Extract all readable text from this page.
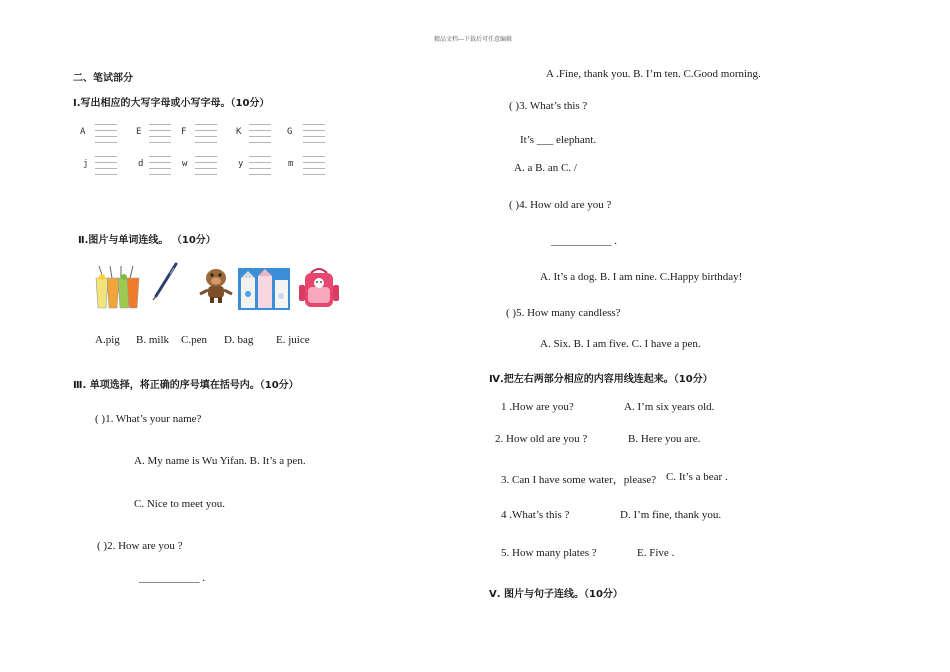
精品文档---下载后可任意编辑
二、笔试部分
Ⅰ.写出相应的大写字母或小写字母。（10分）
A	E	F	K	G
j	d	w	y	m
Ⅱ.图片与单词连线。 （10分）
A.pig B. milk C.pen D. bag E. juice
Ⅲ. 单项选择，将正确的序号填在括号内。（10分）
( )1. What’s your name?
A. My name is Wu Yifan. B. It’s a pen.
C. Nice to meet you.
( )2. How are you ?
___________ .
A .Fine, thank you. B. I’m ten. C.Good morning.
( )3. What’s this ?
It’s ___ elephant.
A. a B. an C. /
( )4. How old are you ?
___________ .
A. It’s a dog. B. I am nine. C.Happy birthday!
( )5. How many candless?
A. Six. B. I am five. C. I have a pen.
Ⅳ.把左右两部分相应的内容用线连起来。（10分）
1 .How are you?	A. I’m six years old.
2. How old are you ?	B. Here you are.
3. Can I have some water，please? C. It’s a bear .
4 .What’s this ?	D. I’m fine, thank you.
5. How many plates ?	E. Five .
Ⅴ. 图片与句子连线。（10分）
